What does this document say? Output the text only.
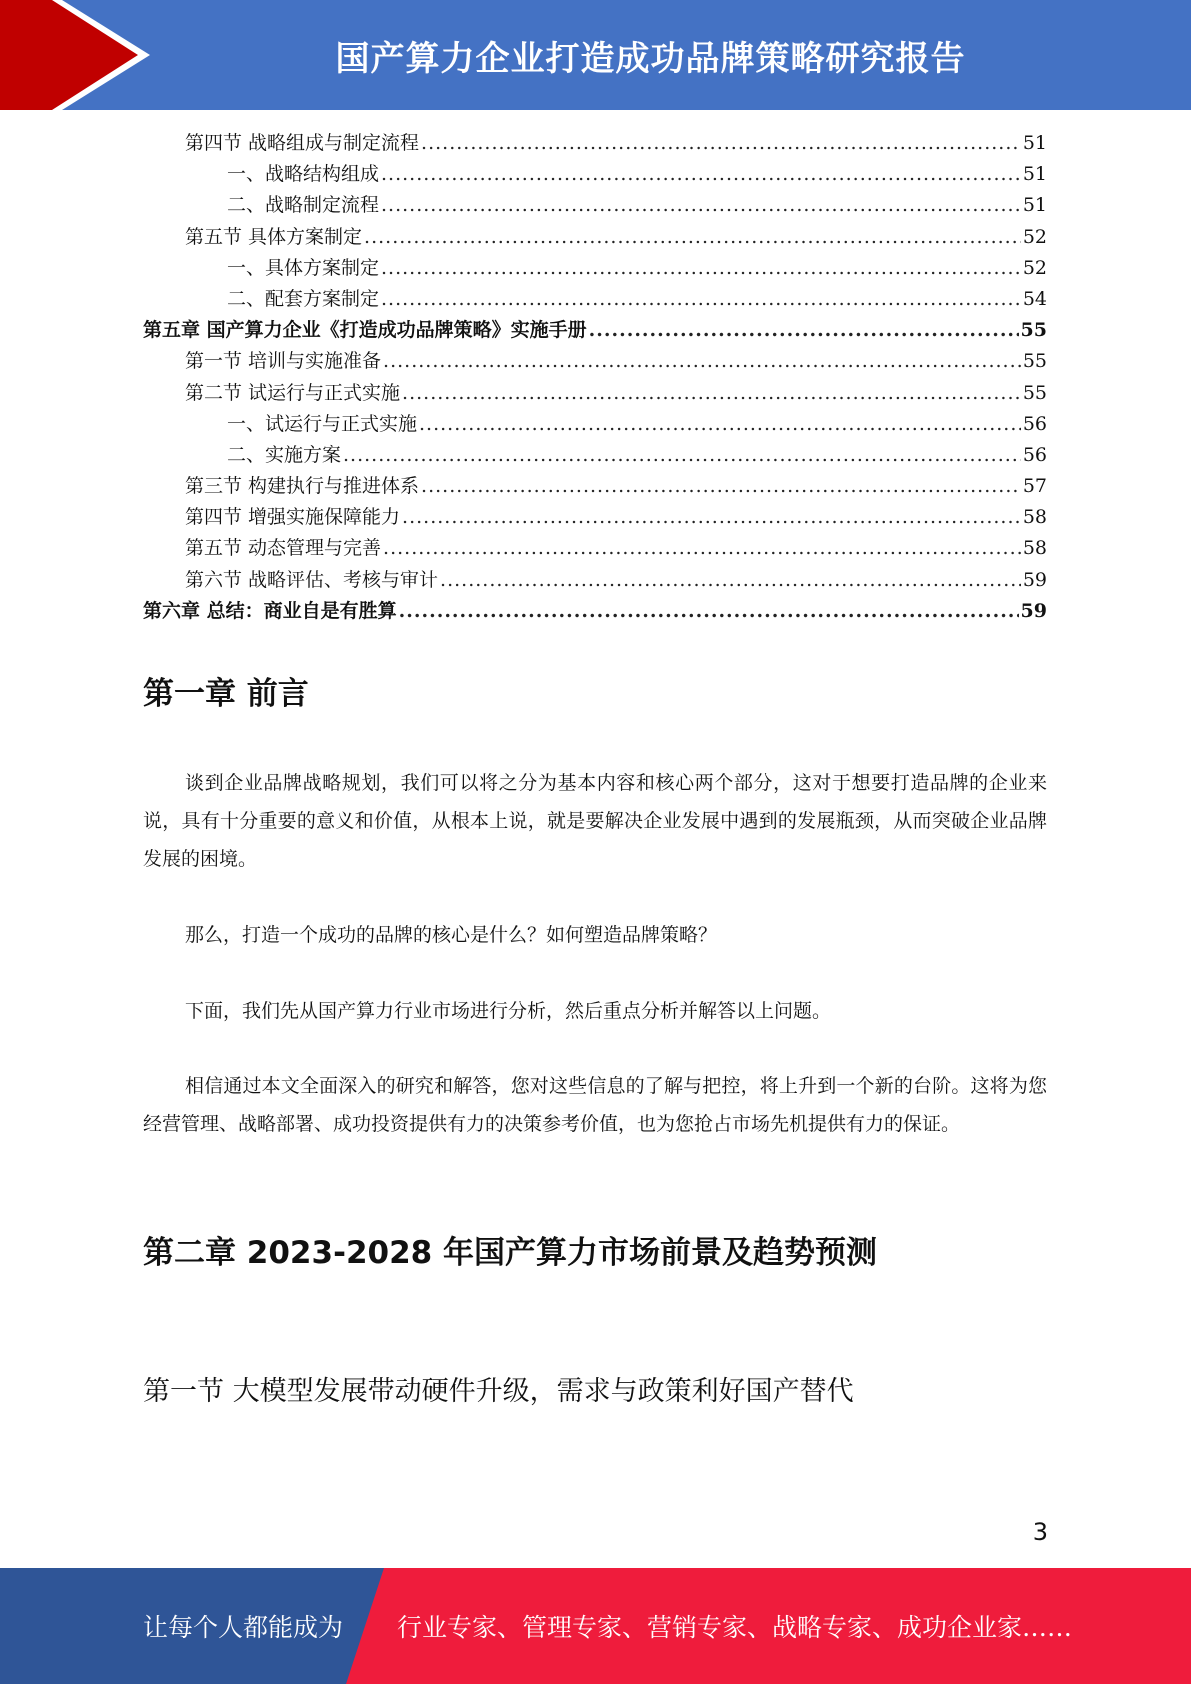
国产算力企业打造成功品牌策略研究报告
第四节 战略组成与制定流程 .....	51
一、战略结构组成 .....	51
二、战略制定流程 .....	51
第五节 具体方案制定 .....	52
一、具体方案制定 .....	52
二、配套方案制定 .....	54
第五章 国产算力企业《打造成功品牌策略》实施手册 .....	55
第一节 培训与实施准备 .....	55
第二节 试运行与正式实施 .....	55
一、试运行与正式实施 .....	56
二、实施方案 .....	56
第三节 构建执行与推进体系 .....	57
第四节 增强实施保障能力 .....	58
第五节 动态管理与完善 .....	58
第六节 战略评估、考核与审计 .....	59
第六章 总结：商业自是有胜算 .....	59
第一章 前言
谈到企业品牌战略规划，我们可以将之分为基本内容和核心两个部分，这对于想要打造品牌的企业来说，具有十分重要的意义和价值，从根本上说，就是要解决企业发展中遇到的发展瓶颈，从而突破企业品牌发展的困境。
那么，打造一个成功的品牌的核心是什么？如何塑造品牌策略？
下面，我们先从国产算力行业市场进行分析，然后重点分析并解答以上问题。
相信通过本文全面深入的研究和解答，您对这些信息的了解与把控，将上升到一个新的台阶。这将为您经营管理、战略部署、成功投资提供有力的决策参考价值，也为您抢占市场先机提供有力的保证。
第二章 2023-2028 年国产算力市场前景及趋势预测
第一节 大模型发展带动硬件升级，需求与政策利好国产替代
3
让每个人都能成为 行业专家、管理专家、营销专家、战略专家、成功企业家……
